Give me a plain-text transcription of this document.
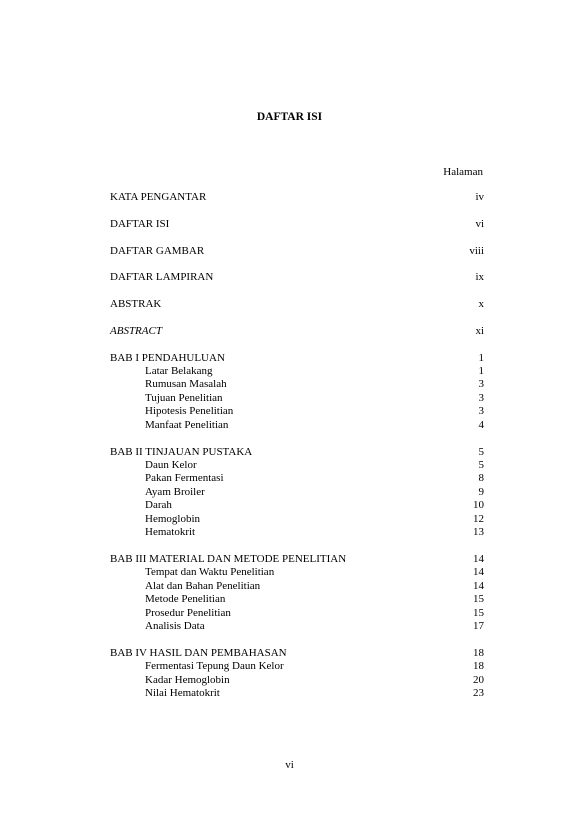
DAFTAR ISI
Halaman
KATA PENGANTAR	iv
DAFTAR ISI	vi
DAFTAR GAMBAR	viii
DAFTAR LAMPIRAN	ix
ABSTRAK	x
ABSTRACT	xi
BAB I PENDAHULUAN	1
Latar Belakang	1
Rumusan Masalah	3
Tujuan Penelitian	3
Hipotesis Penelitian	3
Manfaat Penelitian	4
BAB II TINJAUAN PUSTAKA	5
Daun Kelor	5
Pakan Fermentasi	8
Ayam Broiler	9
Darah	10
Hemoglobin	12
Hematokrit	13
BAB III MATERIAL DAN METODE PENELITIAN	14
Tempat dan Waktu Penelitian	14
Alat dan Bahan Penelitian	14
Metode Penelitian	15
Prosedur Penelitian	15
Analisis Data	17
BAB IV HASIL DAN PEMBAHASAN	18
Fermentasi Tepung Daun Kelor	18
Kadar Hemoglobin	20
Nilai Hematokrit	23
vi
